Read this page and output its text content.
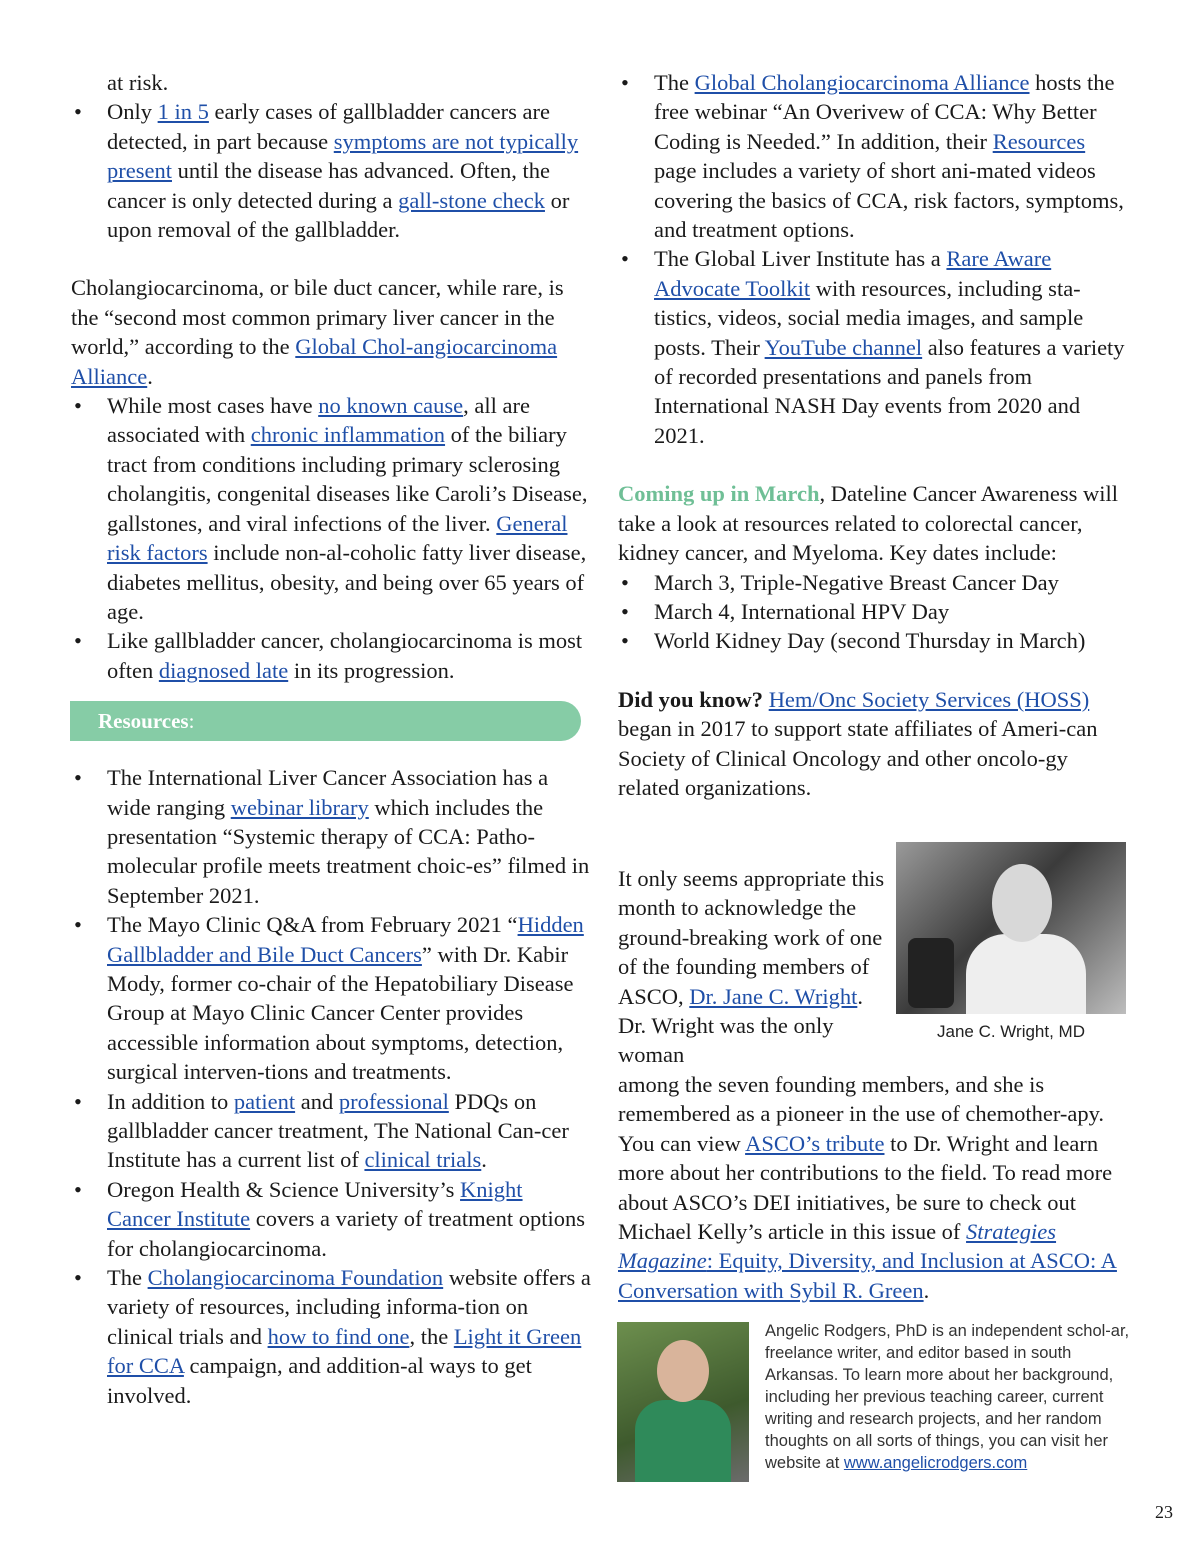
at risk.

• Only 1 in 5 early cases of gallbladder cancers are detected, in part because symptoms are not typically present until the disease has advanced. Often, the cancer is only detected during a gall-stone check or upon removal of the gallbladder.

Cholangiocarcinoma, or bile duct cancer, while rare, is the “second most common primary liver cancer in the world,” according to the Global Chol-angiocarcinoma Alliance.

• While most cases have no known cause, all are associated with chronic inflammation of the biliary tract from conditions including primary sclerosing cholangitis, congenital diseases like Caroli’s Disease, gallstones, and viral infections of the liver. General risk factors include non-al-coholic fatty liver disease, diabetes mellitus, obesity, and being over 65 years of age.
• Like gallbladder cancer, cholangiocarcinoma is most often diagnosed late in its progression.
Resources:
• The International Liver Cancer Association has a wide ranging webinar library which includes the presentation “Systemic therapy of CCA: Patho-molecular profile meets treatment choic-es” filmed in September 2021.
• The Mayo Clinic Q&A from February 2021 “Hidden Gallbladder and Bile Duct Cancers” with Dr. Kabir Mody, former co-chair of the Hepatobiliary Disease Group at Mayo Clinic Cancer Center provides accessible information about symptoms, detection, surgical interven-tions and treatments.
• In addition to patient and professional PDQs on gallbladder cancer treatment, The National Can-cer Institute has a current list of clinical trials.
• Oregon Health & Science University’s Knight Cancer Institute covers a variety of treatment options for cholangiocarcinoma.
• The Cholangiocarcinoma Foundation website offers a variety of resources, including informa-tion on clinical trials and how to find one, the Light it Green for CCA campaign, and addition-al ways to get involved.
• The Global Cholangiocarcinoma Alliance hosts the free webinar “An Overivew of CCA: Why Better Coding is Needed.” In addition, their Resources page includes a variety of short ani-mated videos covering the basics of CCA, risk factors, symptoms, and treatment options.
• The Global Liver Institute has a Rare Aware Advocate Toolkit with resources, including sta-tistics, videos, social media images, and sample posts. Their YouTube channel also features a variety of recorded presentations and panels from International NASH Day events from 2020 and 2021.

Coming up in March, Dateline Cancer Awareness will take a look at resources related to colorectal cancer, kidney cancer, and Myeloma. Key dates include:

• March 3, Triple-Negative Breast Cancer Day
• March 4, International HPV Day
• World Kidney Day (second Thursday in March)

Did you know? Hem/Onc Society Services (HOSS) began in 2017 to support state affiliates of Ameri-can Society of Clinical Oncology and other oncolo-gy related organizations.

Jane C. Wright, MD

It only seems appropriate this month to acknowledge the ground-breaking work of one of the founding members of ASCO, Dr. Jane C. Wright. Dr. Wright was the only woman

among the seven founding members, and she is remembered as a pioneer in the use of chemother-apy. You can view ASCO’s tribute to Dr. Wright and learn more about her contributions to the field. To read more about ASCO’s DEI initiatives, be sure to check out Michael Kelly’s article in this issue of Strategies Magazine: Equity, Diversity, and Inclusion at ASCO: A Conversation with Sybil R. Green.

Angelic Rodgers, PhD is an independent schol-ar, freelance writer, and editor based in south Arkansas. To learn more about her background, including her previous teaching career, current writing and research projects, and her random thoughts on all sorts of things, you can visit her website at www.angelicrodgers.com

23
